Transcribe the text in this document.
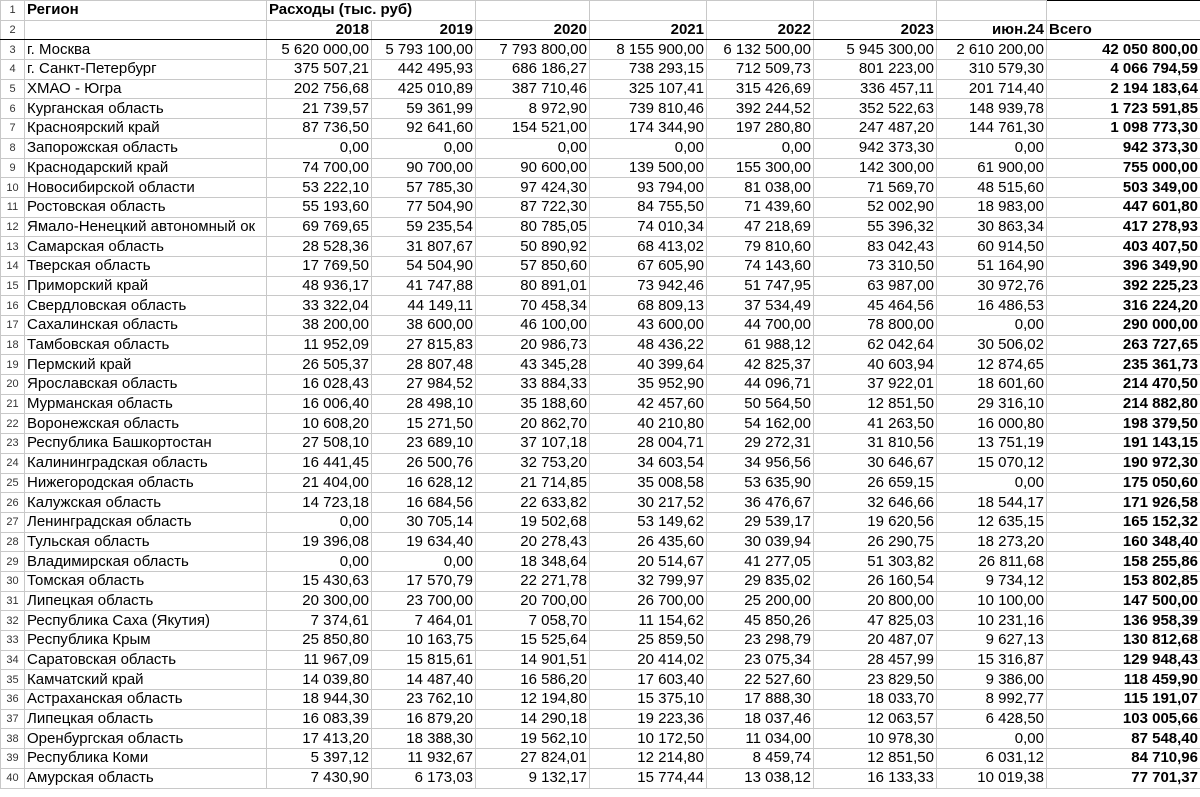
1	Регион	Расходы (тыс. руб)							
2		2018	2019	2020	2021	2022	2023	июн.24	Всего
3	г. Москва	5 620 000,00	5 793 100,00	7 793 800,00	8 155 900,00	6 132 500,00	5 945 300,00	2 610 200,00	42 050 800,00
4	г. Санкт-Петербург	375 507,21	442 495,93	686 186,27	738 293,15	712 509,73	801 223,00	310 579,30	4 066 794,59
5	ХМАО - Югра	202 756,68	425 010,89	387 710,46	325 107,41	315 426,69	336 457,11	201 714,40	2 194 183,64
6	Курганская область	21 739,57	59 361,99	8 972,90	739 810,46	392 244,52	352 522,63	148 939,78	1 723 591,85
7	Красноярский край	87 736,50	92 641,60	154 521,00	174 344,90	197 280,80	247 487,20	144 761,30	1 098 773,30
8	Запорожская область	0,00	0,00	0,00	0,00	0,00	942 373,30	0,00	942 373,30
9	Краснодарский край	74 700,00	90 700,00	90 600,00	139 500,00	155 300,00	142 300,00	61 900,00	755 000,00
10	Новосибирской области	53 222,10	57 785,30	97 424,30	93 794,00	81 038,00	71 569,70	48 515,60	503 349,00
11	Ростовская область	55 193,60	77 504,90	87 722,30	84 755,50	71 439,60	52 002,90	18 983,00	447 601,80
12	Ямало-Ненецкий автономный ок	69 769,65	59 235,54	80 785,05	74 010,34	47 218,69	55 396,32	30 863,34	417 278,93
13	Самарская область	28 528,36	31 807,67	50 890,92	68 413,02	79 810,60	83 042,43	60 914,50	403 407,50
14	Тверская область	17 769,50	54 504,90	57 850,60	67 605,90	74 143,60	73 310,50	51 164,90	396 349,90
15	Приморский край	48 936,17	41 747,88	80 891,01	73 942,46	51 747,95	63 987,00	30 972,76	392 225,23
16	Свердловская область	33 322,04	44 149,11	70 458,34	68 809,13	37 534,49	45 464,56	16 486,53	316 224,20
17	Сахалинская область	38 200,00	38 600,00	46 100,00	43 600,00	44 700,00	78 800,00	0,00	290 000,00
18	Тамбовская область	11 952,09	27 815,83	20 986,73	48 436,22	61 988,12	62 042,64	30 506,02	263 727,65
19	Пермский край	26 505,37	28 807,48	43 345,28	40 399,64	42 825,37	40 603,94	12 874,65	235 361,73
20	Ярославская область	16 028,43	27 984,52	33 884,33	35 952,90	44 096,71	37 922,01	18 601,60	214 470,50
21	Мурманская область	16 006,40	28 498,10	35 188,60	42 457,60	50 564,50	12 851,50	29 316,10	214 882,80
22	Воронежская область	10 608,20	15 271,50	20 862,70	40 210,80	54 162,00	41 263,50	16 000,80	198 379,50
23	Республика Башкортостан	27 508,10	23 689,10	37 107,18	28 004,71	29 272,31	31 810,56	13 751,19	191 143,15
24	Калининградская область	16 441,45	26 500,76	32 753,20	34 603,54	34 956,56	30 646,67	15 070,12	190 972,30
25	Нижегородская область	21 404,00	16 628,12	21 714,85	35 008,58	53 635,90	26 659,15	0,00	175 050,60
26	Калужская область	14 723,18	16 684,56	22 633,82	30 217,52	36 476,67	32 646,66	18 544,17	171 926,58
27	Ленинградская область	0,00	30 705,14	19 502,68	53 149,62	29 539,17	19 620,56	12 635,15	165 152,32
28	Тульская область	19 396,08	19 634,40	20 278,43	26 435,60	30 039,94	26 290,75	18 273,20	160 348,40
29	Владимирская область	0,00	0,00	18 348,64	20 514,67	41 277,05	51 303,82	26 811,68	158 255,86
30	Томская область	15 430,63	17 570,79	22 271,78	32 799,97	29 835,02	26 160,54	9 734,12	153 802,85
31	Липецкая область	20 300,00	23 700,00	20 700,00	26 700,00	25 200,00	20 800,00	10 100,00	147 500,00
32	Республика Саха (Якутия)	7 374,61	7 464,01	7 058,70	11 154,62	45 850,26	47 825,03	10 231,16	136 958,39
33	Республика Крым	25 850,80	10 163,75	15 525,64	25 859,50	23 298,79	20 487,07	9 627,13	130 812,68
34	Саратовская область	11 967,09	15 815,61	14 901,51	20 414,02	23 075,34	28 457,99	15 316,87	129 948,43
35	Камчатский край	14 039,80	14 487,40	16 586,20	17 603,40	22 527,60	23 829,50	9 386,00	118 459,90
36	Астраханская область	18 944,30	23 762,10	12 194,80	15 375,10	17 888,30	18 033,70	8 992,77	115 191,07
37	Липецкая область	16 083,39	16 879,20	14 290,18	19 223,36	18 037,46	12 063,57	6 428,50	103 005,66
38	Оренбургская область	17 413,20	18 388,30	19 562,10	10 172,50	11 034,00	10 978,30	0,00	87 548,40
39	Республика Коми	5 397,12	11 932,67	27 824,01	12 214,80	8 459,74	12 851,50	6 031,12	84 710,96
40	Амурская область	7 430,90	6 173,03	9 132,17	15 774,44	13 038,12	16 133,33	10 019,38	77 701,37
